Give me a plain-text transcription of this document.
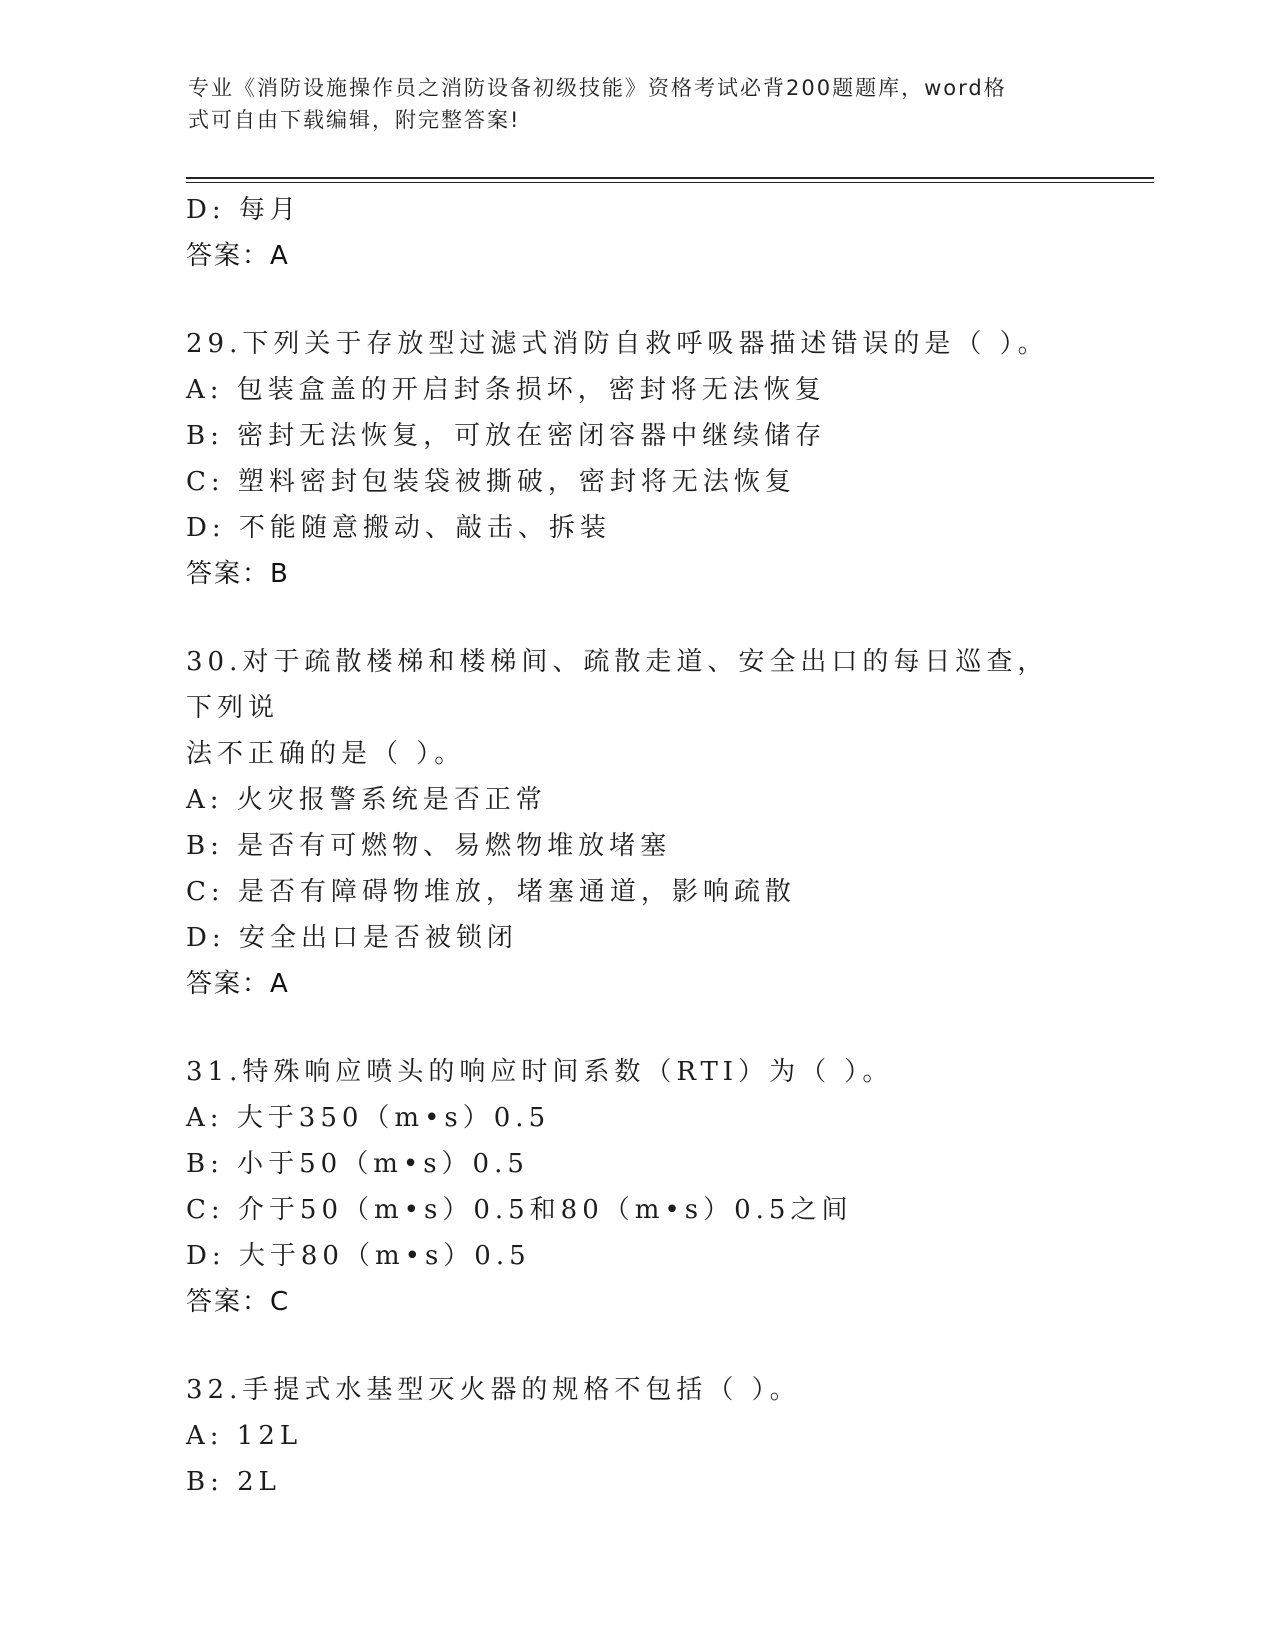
专业《消防设施操作员之消防设备初级技能》资格考试必背200题题库，word格
式可自由下载编辑，附完整答案!
D: 每月
答案：A
29.下列关于存放型过滤式消防自救呼吸器描述错误的是（ ）。
A: 包装盒盖的开启封条损坏，密封将无法恢复
B: 密封无法恢复，可放在密闭容器中继续储存
C: 塑料密封包装袋被撕破，密封将无法恢复
D: 不能随意搬动、敲击、拆装
答案：B
30.对于疏散楼梯和楼梯间、疏散走道、安全出口的每日巡查，下列说
法不正确的是（ ）。
A: 火灾报警系统是否正常
B: 是否有可燃物、易燃物堆放堵塞
C: 是否有障碍物堆放，堵塞通道，影响疏散
D: 安全出口是否被锁闭
答案：A
31.特殊响应喷头的响应时间系数（RTI）为（ ）。
A: 大于350（m•s）0.5
B: 小于50（m•s）0.5
C: 介于50（m•s）0.5和80（m•s）0.5之间
D: 大于80（m•s）0.5
答案：C
32.手提式水基型灭火器的规格不包括（ ）。
A: 12L
B: 2L
